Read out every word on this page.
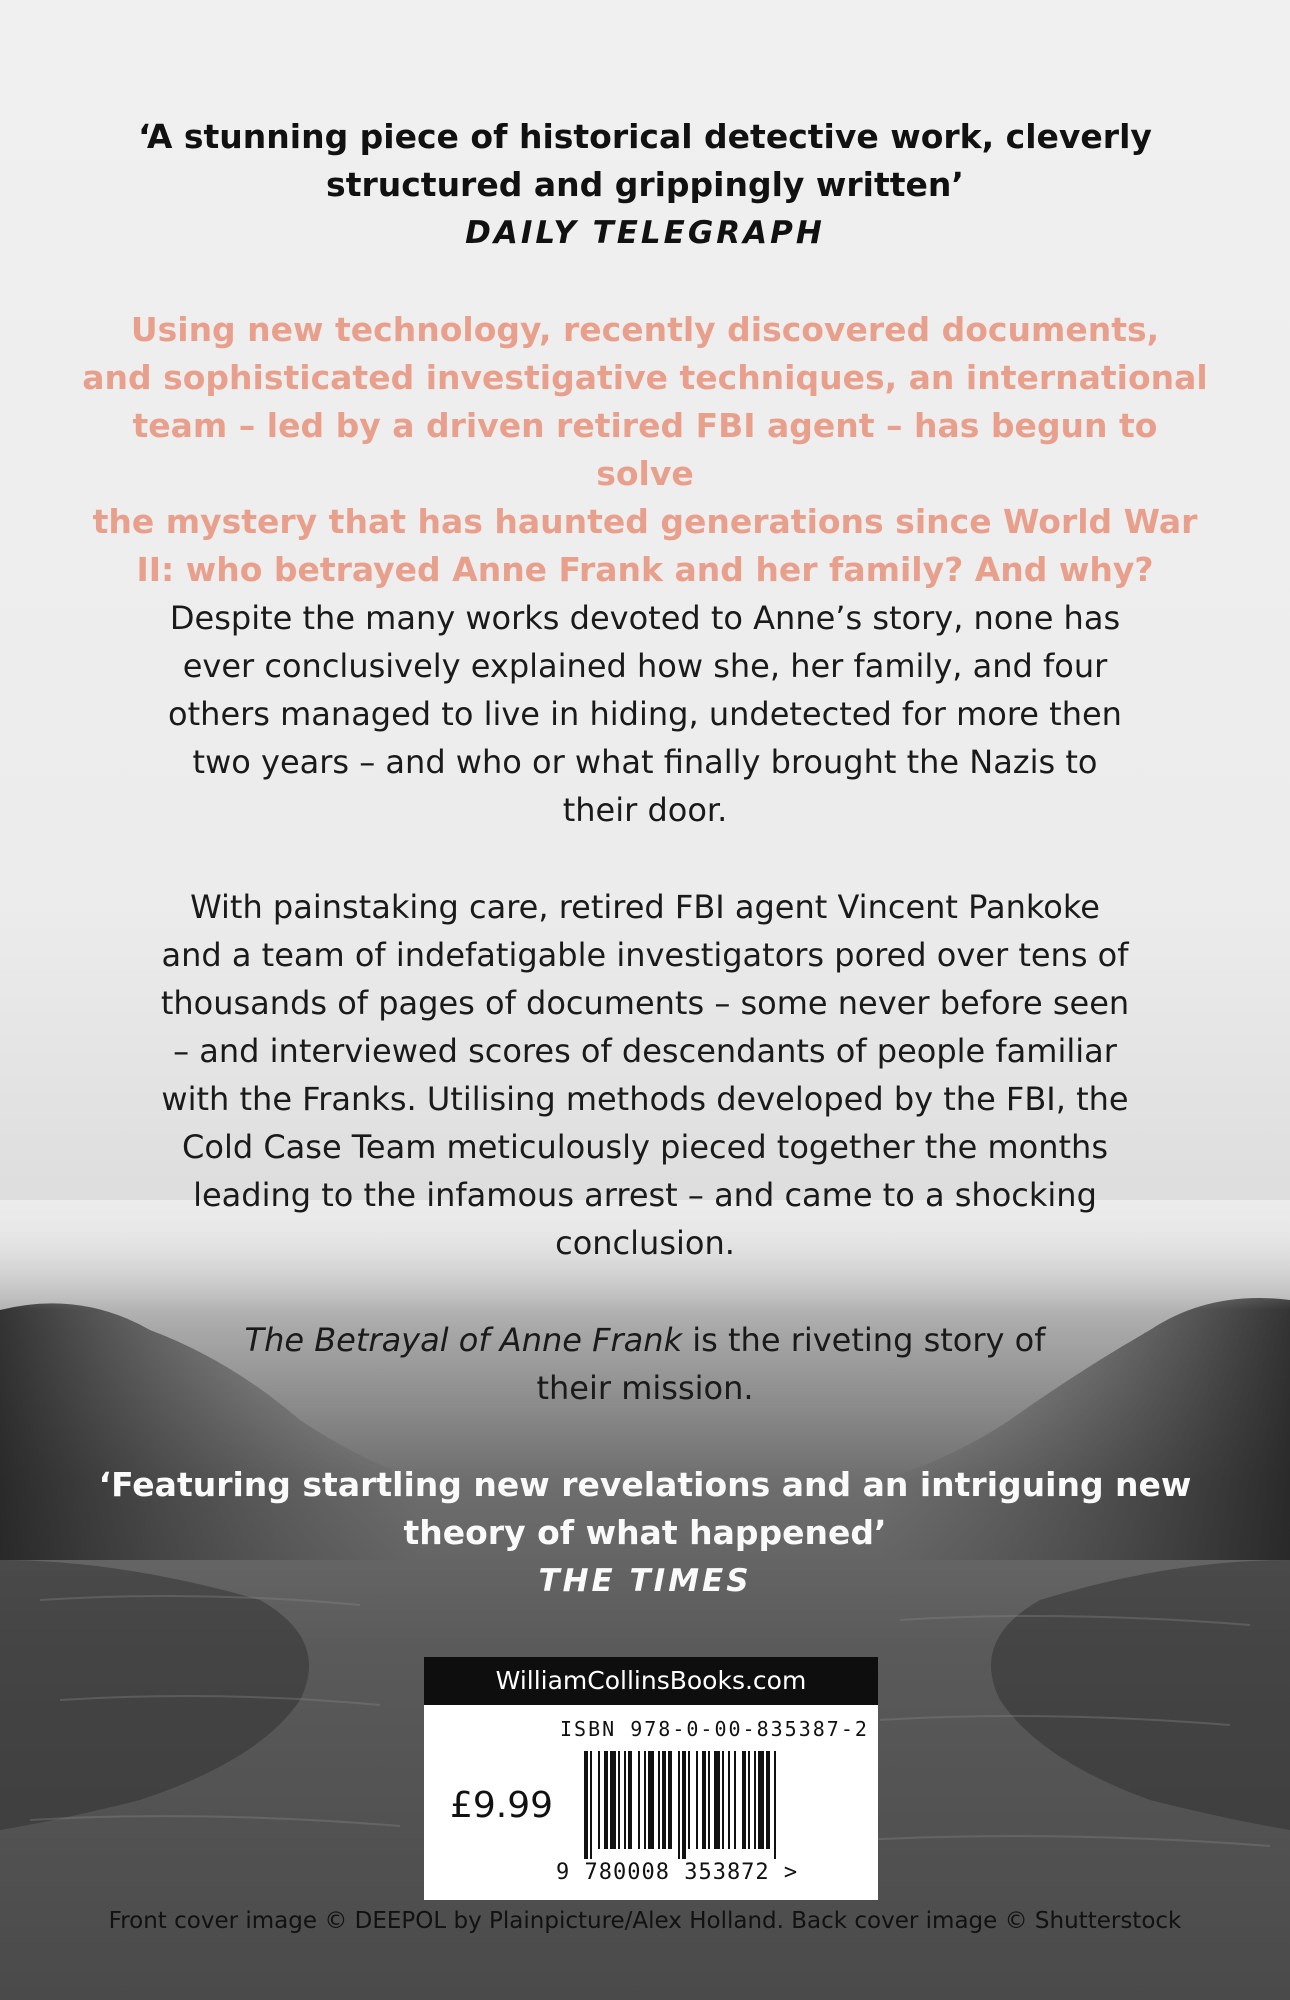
‘A stunning piece of historical detective work, cleverly
structured and grippingly written’
DAILY TELEGRAPH
Using new technology, recently discovered documents,
and sophisticated investigative techniques, an international
team – led by a driven retired FBI agent – has begun to solve
the mystery that has haunted generations since World War
II: who betrayed Anne Frank and her family? And why?
Despite the many works devoted to Anne’s story, none has
ever conclusively explained how she, her family, and four
others managed to live in hiding, undetected for more then
two years – and who or what finally brought the Nazis to
their door.
With painstaking care, retired FBI agent Vincent Pankoke
and a team of indefatigable investigators pored over tens of
thousands of pages of documents – some never before seen
– and interviewed scores of descendants of people familiar
with the Franks. Utilising methods developed by the FBI, the
Cold Case Team meticulously pieced together the months
leading to the infamous arrest – and came to a shocking
conclusion.
The Betrayal of Anne Frank is the riveting story of
their mission.
‘Featuring startling new revelations and an intriguing new
theory of what happened’
THE TIMES
WilliamCollinsBooks.com
ISBN 978-0-00-835387-2
£9.99
9 780008 353872 >
Front cover image © DEEPOL by Plainpicture/Alex Holland. Back cover image © Shutterstock
